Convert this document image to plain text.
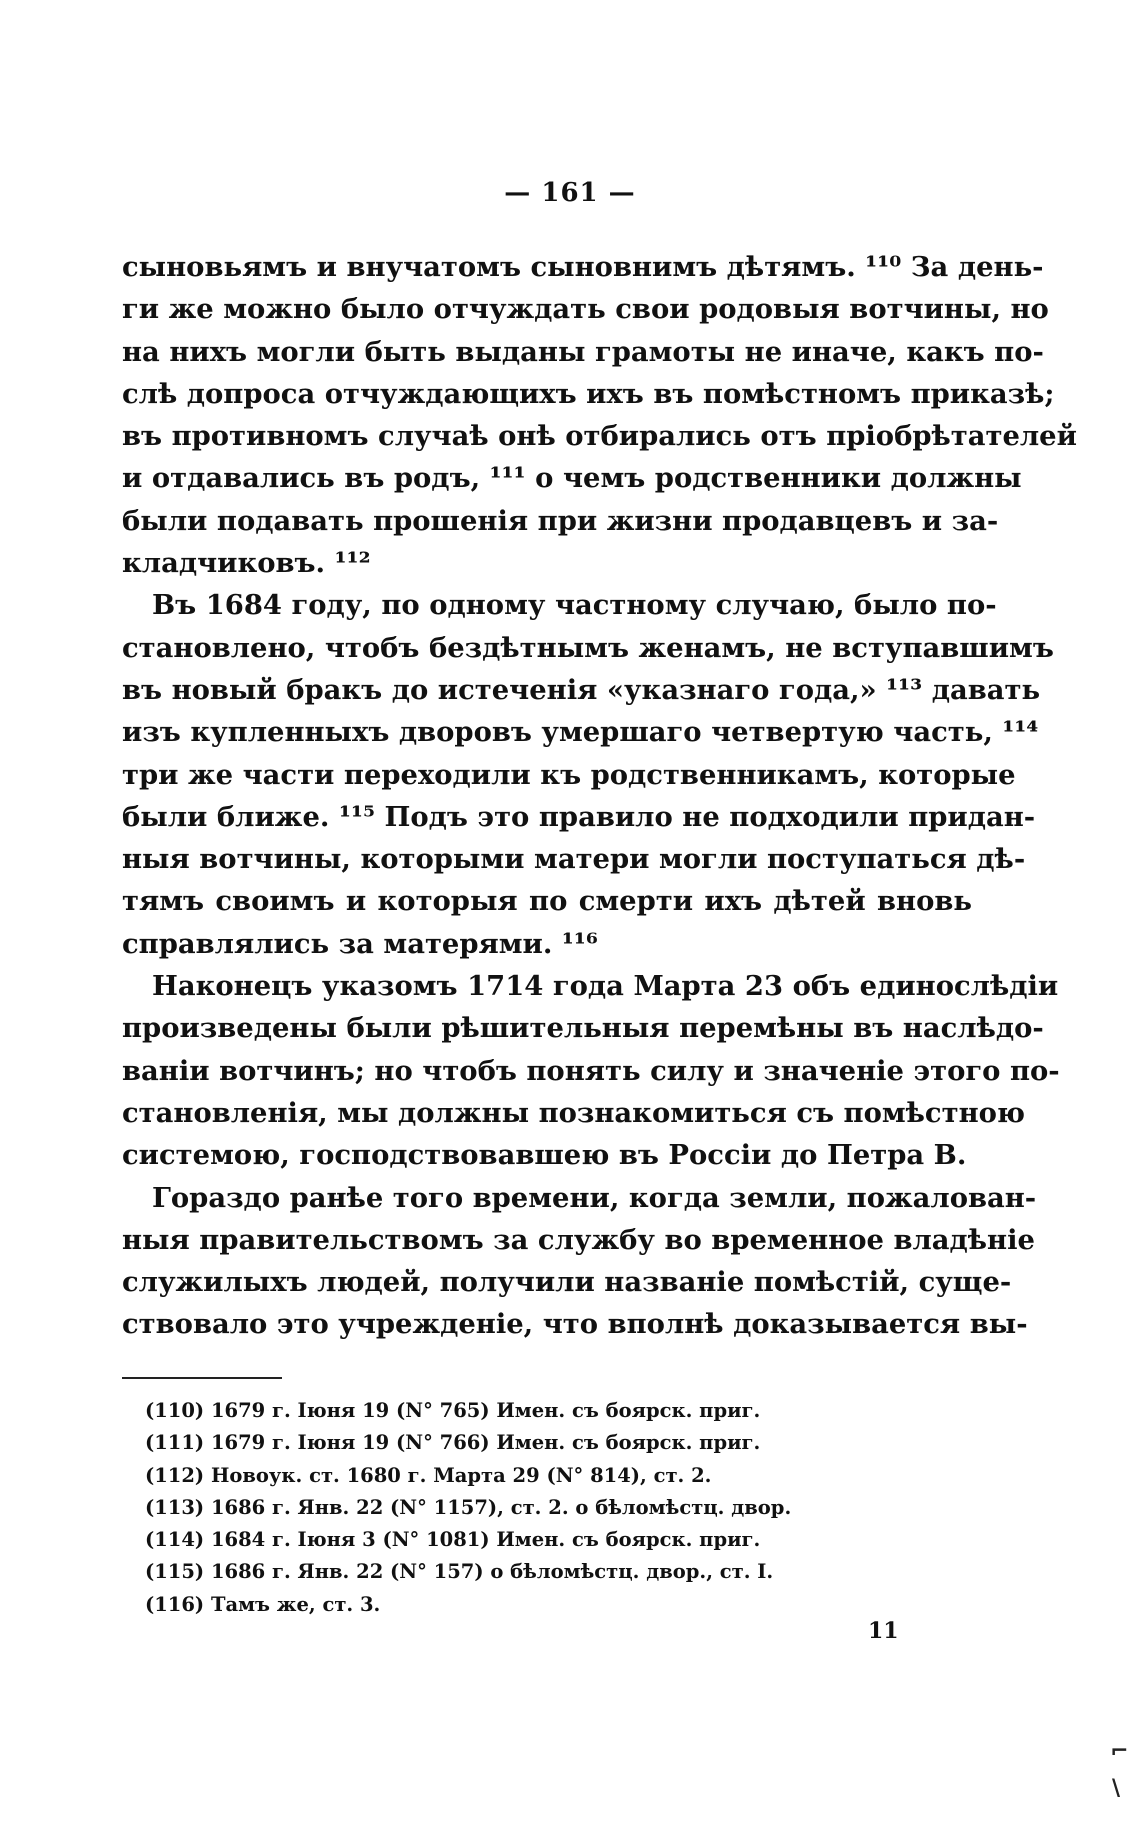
— 161 —
сыновьямъ и внучатомъ сыновнимъ дѣтямъ. ¹¹⁰ За день-
ги же можно было отчуждать свои родовыя вотчины, но
на нихъ могли быть выданы грамоты не иначе, какъ по-
слѣ допроса отчуждающихъ ихъ въ помѣстномъ приказѣ;
въ противномъ случаѣ онѣ отбирались отъ пріобрѣтателей
и отдавались въ родъ, ¹¹¹ о чемъ родственники должны
были подавать прошенія при жизни продавцевъ и за-
кладчиковъ. ¹¹²
Въ 1684 году, по одному частному случаю, было по-
становлено, чтобъ бездѣтнымъ женамъ, не вступавшимъ
въ новый бракъ до истеченія «указнаго года,» ¹¹³ давать
изъ купленныхъ дворовъ умершаго четвертую часть, ¹¹⁴
три же части переходили къ родственникамъ, которые
были ближе. ¹¹⁵ Подъ это правило не подходили придан-
ныя вотчины, которыми матери могли поступаться дѣ-
тямъ своимъ и которыя по смерти ихъ дѣтей вновь
справлялись за матерями. ¹¹⁶
Наконецъ указомъ 1714 года Марта 23 объ единослѣдіи
произведены были рѣшительныя перемѣны въ наслѣдо-
ваніи вотчинъ; но чтобъ понять силу и значеніе этого по-
становленія, мы должны познакомиться съ помѣстною
системою, господствовавшею въ Россіи до Петра В.
Гораздо ранѣе того времени, когда земли, пожалован-
ныя правительствомъ за службу во временное владѣніе
служилыхъ людей, получили названіе помѣстій, суще-
ствовало это учрежденіе, что вполнѣ доказывается вы-
(110) 1679 г. Іюня 19 (N° 765) Имен. съ боярск. приг.
(111) 1679 г. Іюня 19 (N° 766) Имен. съ боярск. приг.
(112) Новоук. ст. 1680 г. Марта 29 (N° 814), ст. 2.
(113) 1686 г. Янв. 22 (N° 1157), ст. 2. о бѣломѣстц. двор.
(114) 1684 г. Іюня 3 (N° 1081) Имен. съ боярск. приг.
(115) 1686 г. Янв. 22 (N° 157) о бѣломѣстц. двор., ст. I.
(116) Тамъ же, ст. 3.
11
⌐
\
